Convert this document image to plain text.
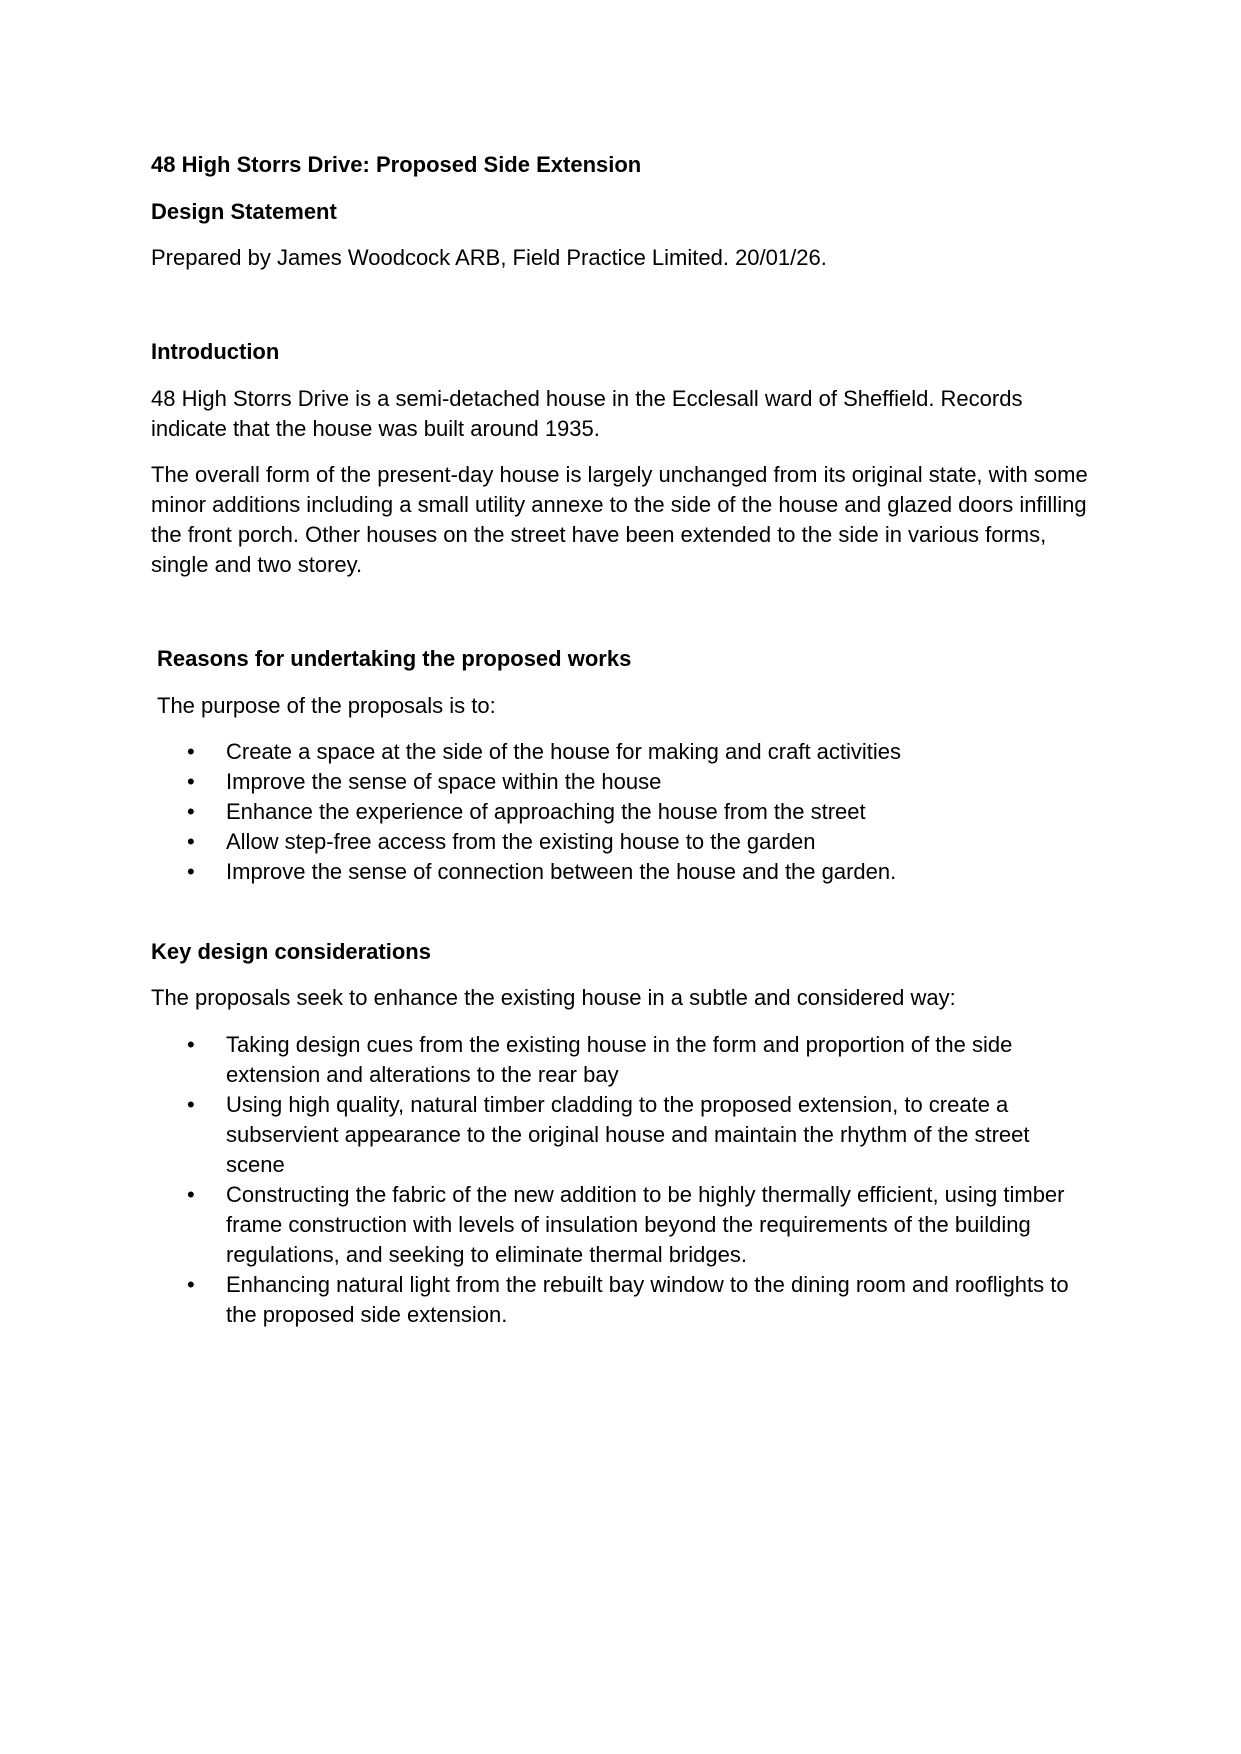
48 High Storrs Drive: Proposed Side Extension

Design Statement

Prepared by James Woodcock ARB, Field Practice Limited. 20/01/26.

Introduction

48 High Storrs Drive is a semi-detached house in the Ecclesall ward of Sheffield. Records indicate that the house was built around 1935.

The overall form of the present-day house is largely unchanged from its original state, with some minor additions including a small utility annexe to the side of the house and glazed doors infilling the front porch. Other houses on the street have been extended to the side in various forms, single and two storey.

Reasons for undertaking the proposed works

The purpose of the proposals is to:

• Create a space at the side of the house for making and craft activities
• Improve the sense of space within the house
• Enhance the experience of approaching the house from the street
• Allow step-free access from the existing house to the garden
• Improve the sense of connection between the house and the garden.

Key design considerations

The proposals seek to enhance the existing house in a subtle and considered way:

• Taking design cues from the existing house in the form and proportion of the side extension and alterations to the rear bay
• Using high quality, natural timber cladding to the proposed extension, to create a subservient appearance to the original house and maintain the rhythm of the street scene
• Constructing the fabric of the new addition to be highly thermally efficient, using timber frame construction with levels of insulation beyond the requirements of the building regulations, and seeking to eliminate thermal bridges.
• Enhancing natural light from the rebuilt bay window to the dining room and rooflights to the proposed side extension.
